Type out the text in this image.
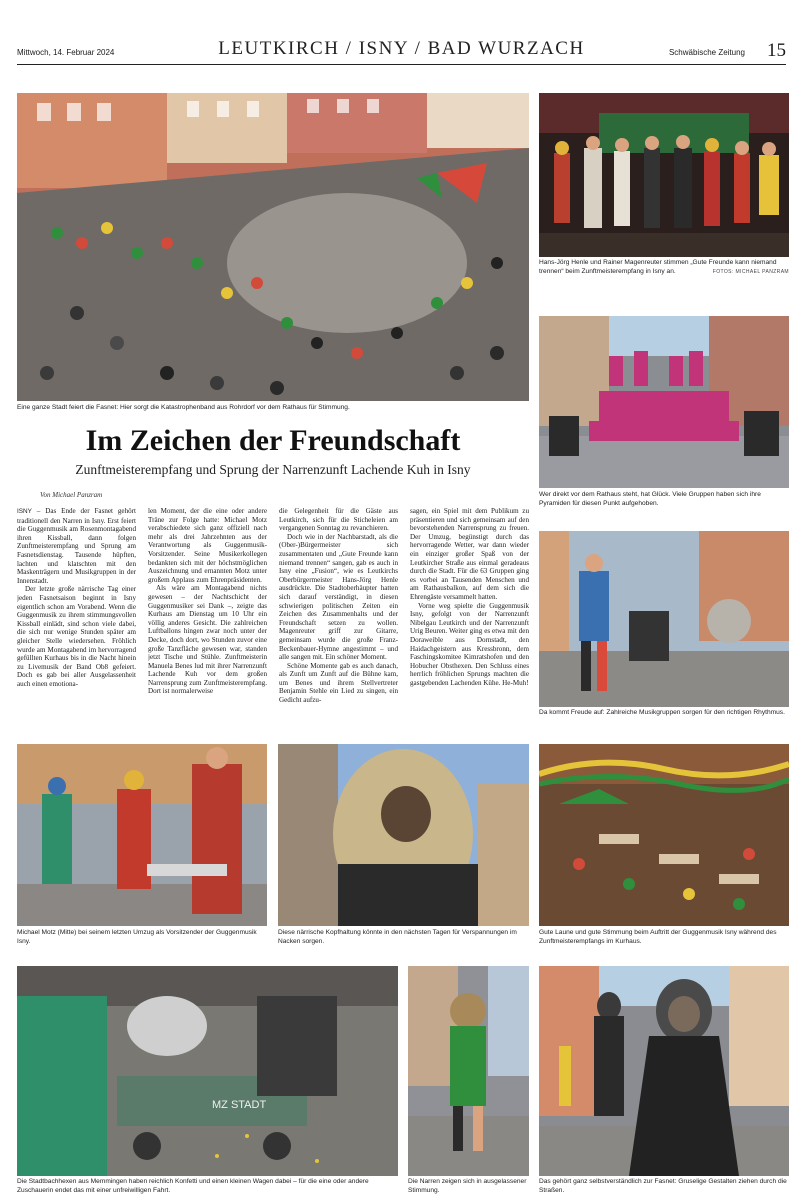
Mittwoch, 14. Februar 2024	LEUTKIRCH / ISNY / BAD WURZACH	Schwäbische Zeitung 15
Eine ganze Stadt feiert die Fasnet: Hier sorgt die Katastrophenband aus Rohrdorf vor dem Rathaus für Stimmung.
Hans-Jörg Henle und Rainer Magenreuter stimmen „Gute Freunde kann niemand trennen“ beim Zunftmeisterempfang in Isny an.	FOTOS: MICHAEL PANZRAM
Wer direkt vor dem Rathaus steht, hat Glück. Viele Gruppen haben sich ihre Pyramiden für diesen Punkt aufgehoben.
Da kommt Freude auf: Zahlreiche Musikgruppen sorgen für den richtigen Rhythmus.
Im Zeichen der Freundschaft
Zunftmeisterempfang und Sprung der Narrenzunft Lachende Kuh in Isny
Von Michael Panzram

ISNY – Das Ende der Fasnet gehört traditionell den Narren in Isny. Erst feiert die Guggenmusik am Rosenmontagabend ihren Kissball, dann folgen Zunftmeisterempfang und Sprung am Fasnetsdienstag. Tausende hüpften, lachten und klatschten mit den Maskenträgern und Musikgruppen in der Innenstadt.

Der letzte große närrische Tag einer jeden Fasnetsaison beginnt in Isny eigentlich schon am Vorabend. Wenn die Guggenmusik zu ihrem stimmungsvollen Kissball einlädt, sind schon viele dabei, die sich nur wenige Stunden später am gleicher Stelle wiedersehen. Fröhlich wurde am Montagabend im hervorragend gefüllten Kurhaus bis in die Nacht hinein zu Livemusik der Band Ob8 gefeiert. Doch es gab bei aller Ausgelassenheit auch einen emotiona-

len Moment, der die eine oder andere Träne zur Folge hatte: Michael Motz verabschiedete sich ganz offiziell nach mehr als drei Jahrzehnten aus der Verantwortung als Guggenmusik-Vorsitzender. Seine Musikerkollegen bedankten sich mit der höchstmöglichen Auszeichnung und ernannten Motz unter großem Applaus zum Ehrenpräsidenten.

Als wäre am Montagabend nichts gewesen – der Nachtschicht der Guggenmusiker sei Dank –, zeigte das Kurhaus am Dienstag um 10 Uhr ein völlig anderes Gesicht. Die zahlreichen Luftballons hingen zwar noch unter der Decke, doch dort, wo Stunden zuvor eine große Tanzfläche gewesen war, standen jetzt Tische und Stühle. Zunftmeisterin Manuela Benes lud mit ihrer Narrenzunft Lachende Kuh vor dem großen Narrensprung zum Zunftmeisterempfang. Dort ist normalerweise

die Gelegenheit für die Gäste aus Leutkirch, sich für die Sticheleien am vergangenen Sonntag zu revanchieren.

Doch wie in der Nachbarstadt, als die (Ober-)Bürgermeister sich zusammentaten und „Gute Freunde kann niemand trennen“ sangen, gab es auch in Isny eine „Fusion“, wie es Leutkirchs Oberbürgermeister Hans-Jörg Henle ausdrückte. Die Stadtoberhäupter hatten sich darauf verständigt, in diesen schwierigen politischen Zeiten ein Zeichen des Zusammenhalts und der Freundschaft setzen zu wollen. Magenreuter griff zur Gitarre, gemeinsam wurde die große Franz-Beckenbauer-Hymne angestimmt – und alle sangen mit. Ein schöner Moment.

Schöne Momente gab es auch danach, als Zunft um Zunft auf die Bühne kam, um Benes und ihrem Stellvertreter Benjamin Stehle ein Lied zu singen, ein Gedicht aufzu-

sagen, ein Spiel mit dem Publikum zu präsentieren und sich gemeinsam auf den bevorstehenden Narrensprung zu freuen. Der Umzug, begünstigt durch das hervorragende Wetter, war dann wieder ein einziger großer Spaß von der Leutkircher Straße aus einmal geradeaus durch die Stadt. Für die 63 Gruppen ging es vorbei an Tausenden Menschen und am Rathausbalkon, auf dem sich die Ehrengäste versammelt hatten.

Vorne weg spielte die Guggenmusik Isny, gefolgt von der Narrenzunft Nibelgau Leutkirch und der Narrenzunft Urig Beuren. Weiter ging es etwa mit den Doraweible aus Dornstadt, den Haidachgeistern aus Kressbronn, dem Faschingskomitee Kimratshofen und den Hobucher Obsthexen. Den Schluss eines herrlich fröhlichen Sprungs machten die gastgebenden Lachenden Kühe. He-Muh!

Michael Motz (Mitte) bei seinem letzten Umzug als Vorsitzender der Guggenmusik Isny.
Diese närrische Kopfhaltung könnte in den nächsten Tagen für Verspannungen im Nacken sorgen.
Gute Laune und gute Stimmung beim Auftritt der Guggenmusik Isny während des Zunftmeisterempfangs im Kurhaus.
MZ STADT
Die Stadtbachhexen aus Memmingen haben reichlich Konfetti und einen kleinen Wagen dabei – für die eine oder andere Zuschauerin endet das mit einer unfreiwilligen Fahrt.
Die Narren zeigen sich in ausgelassener Stimmung.
Das gehört ganz selbstverständlich zur Fasnet: Gruselige Gestalten ziehen durch die Straßen.
